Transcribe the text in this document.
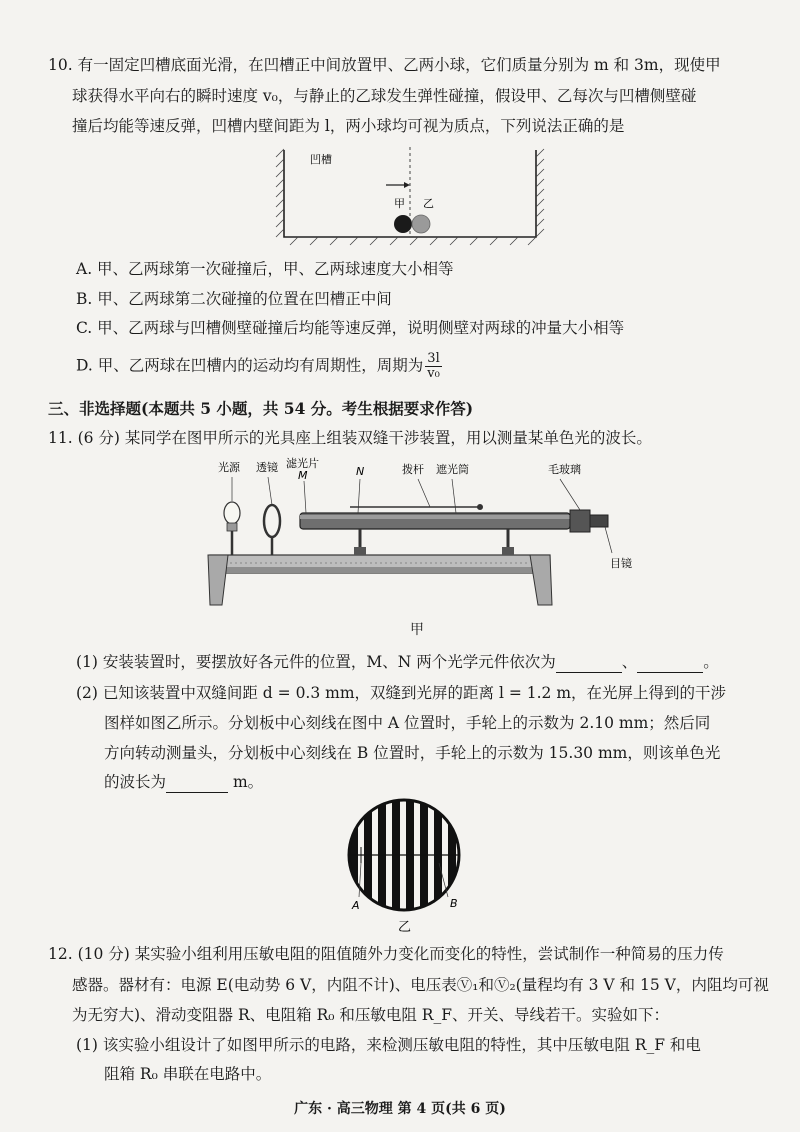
10. 有一固定凹槽底面光滑，在凹槽正中间放置甲、乙两小球，它们质量分别为 m 和 3m，现使甲
球获得水平向右的瞬时速度 v₀，与静止的乙球发生弹性碰撞，假设甲、乙每次与凹槽侧壁碰
撞后均能等速反弹，凹槽内壁间距为 l，两小球均可视为质点，下列说法正确的是
凹槽
甲 乙
A. 甲、乙两球第一次碰撞后，甲、乙两球速度大小相等
B. 甲、乙两球第二次碰撞的位置在凹槽正中间
C. 甲、乙两球与凹槽侧壁碰撞后均能等速反弹，说明侧壁对两球的冲量大小相等
D. 甲、乙两球在凹槽内的运动均有周期性，周期为 $\frac{3l}{\text{v₀}}$
三、非选择题(本题共 5 小题，共 54 分。考生根据要求作答)
11. (6 分) 某同学在图甲所示的光具座上组装双缝干涉装置，用以测量某单色光的波长。
光源 透镜 滤光片
M	N	拨杆 遮光筒	毛玻璃
目镜
甲
(1) 安装装置时，要摆放好各元件的位置，M、N 两个光学元件依次为	、	。
(2) 已知该装置中双缝间距 d = 0.3 mm，双缝到光屏的距离 l = 1.2 m，在光屏上得到的干涉
图样如图乙所示。分划板中心刻线在图中 A 位置时，手轮上的示数为 2.10 mm；然后同
方向转动测量头，分划板中心刻线在 B 位置时，手轮上的示数为 15.30 mm，则该单色光
的波长为	m。
A	B
乙
12. (10 分) 某实验小组利用压敏电阻的阻值随外力变化而变化的特性，尝试制作一种简易的压力传
感器。器材有：电源 E(电动势 6 V，内阻不计)、电压表Ⓥ₁和Ⓥ₂(量程均有 3 V 和 15 V，内阻均可视
为无穷大)、滑动变阻器 R、电阻箱 R₀ 和压敏电阻 R_F、开关、导线若干。实验如下：
(1) 该实验小组设计了如图甲所示的电路，来检测压敏电阻的特性，其中压敏电阻 R_F 和电
阻箱 R₀ 串联在电路中。
广东 · 高三物理 第 4 页(共 6 页)
